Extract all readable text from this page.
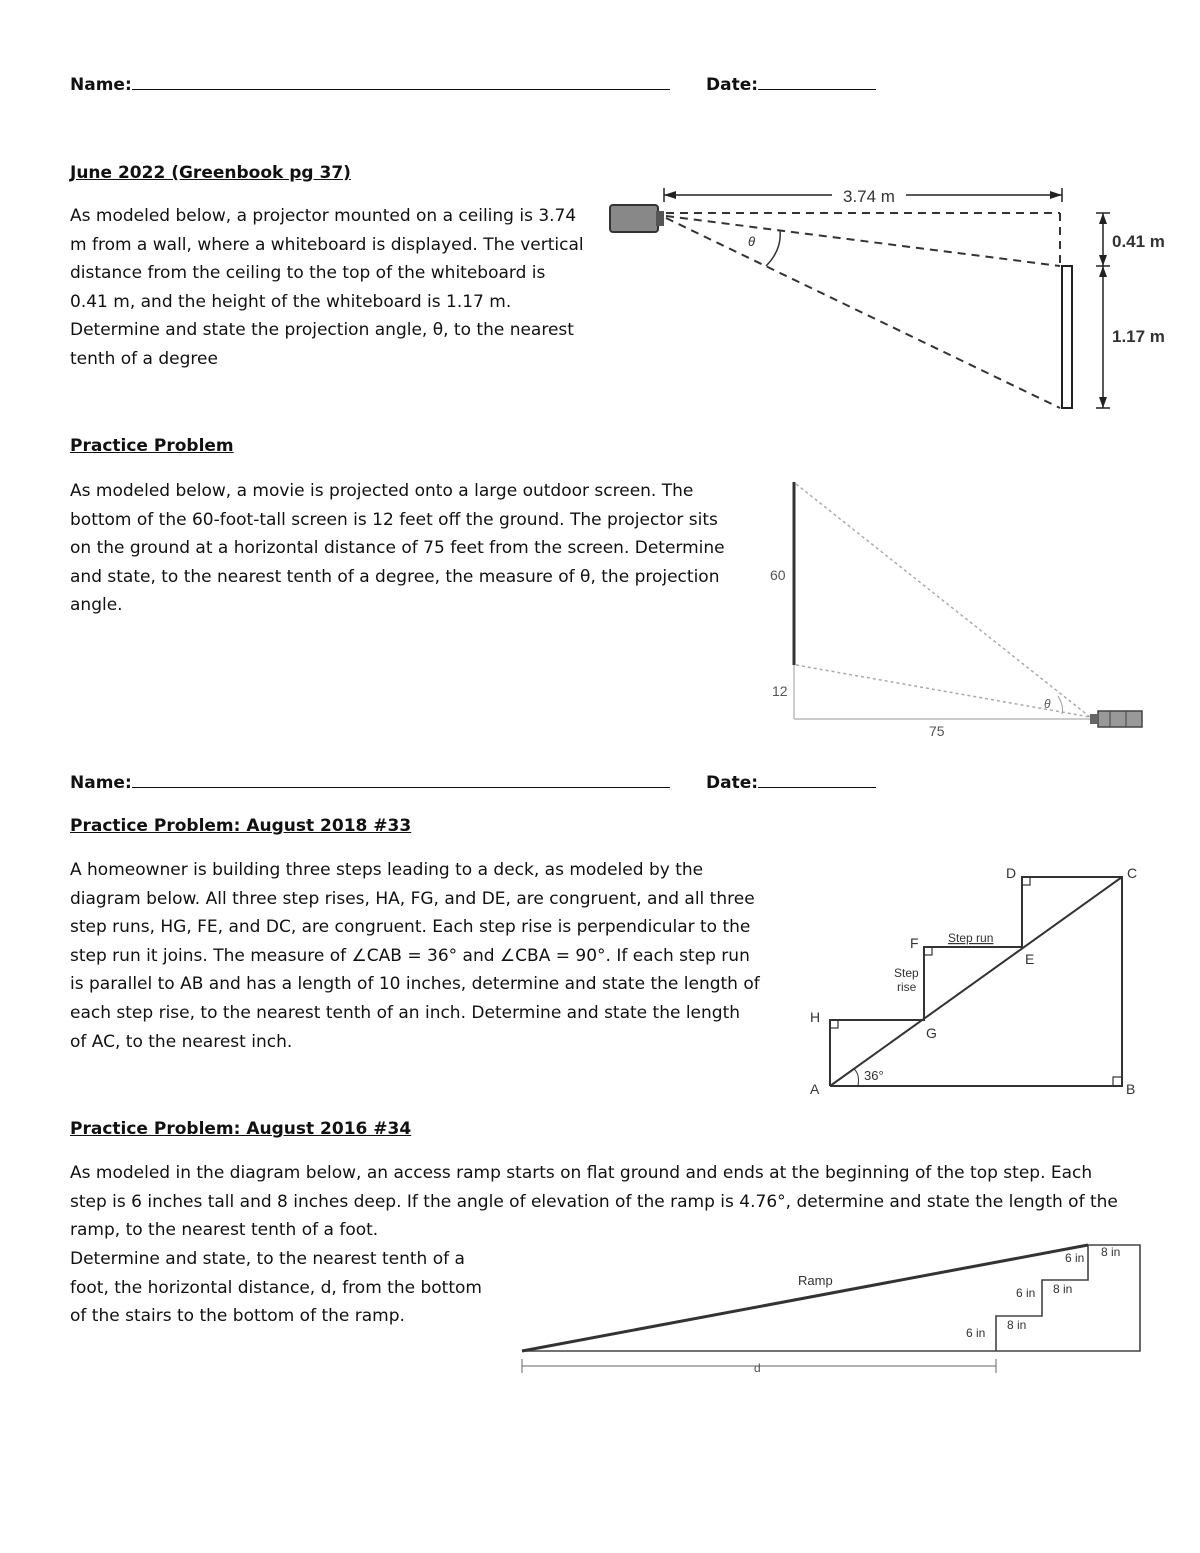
Name:	Date:
June 2022 (Greenbook pg 37)
As modeled below, a projector mounted on a ceiling is 3.74 m from a wall, where a whiteboard is displayed. The vertical distance from the ceiling to the top of the whiteboard is 0.41 m, and the height of the whiteboard is 1.17 m. Determine and state the projection angle, θ, to the nearest tenth of a degree
3.74 m
θ	0.41 m
1.17 m
Practice Problem
As modeled below, a movie is projected onto a large outdoor screen. The bottom of the 60-foot-tall screen is 12 feet off the ground. The projector sits on the ground at a horizontal distance of 75 feet from the screen. Determine and state, to the nearest tenth of a degree, the measure of θ, the projection angle.
60
12
75
θ
Name:	Date:
Practice Problem: August 2018 #33
A homeowner is building three steps leading to a deck, as modeled by the diagram below. All three step rises, HA, FG, and DE, are congruent, and all three step runs, HG, FE, and DC, are congruent. Each step rise is perpendicular to the step run it joins. The measure of ∠CAB = 36° and ∠CBA = 90°. If each step run is parallel to AB and has a length of 10 inches, determine and state the length of each step rise, to the nearest tenth of an inch. Determine and state the length of AC, to the nearest inch.
A	B
C
D
E
F
G
H
36°
Step run
Step
rise
Practice Problem: August 2016 #34
As modeled in the diagram below, an access ramp starts on flat ground and ends at the beginning of the top step. Each step is 6 inches tall and 8 inches deep. If the angle of elevation of the ramp is 4.76°, determine and state the length of the ramp, to the nearest tenth of a foot.
Determine and state, to the nearest tenth of a foot, the horizontal distance, d, from the bottom of the stairs to the bottom of the ramp.
Ramp
d
6 in
6 in
6 in
8 in
8 in
8 in
